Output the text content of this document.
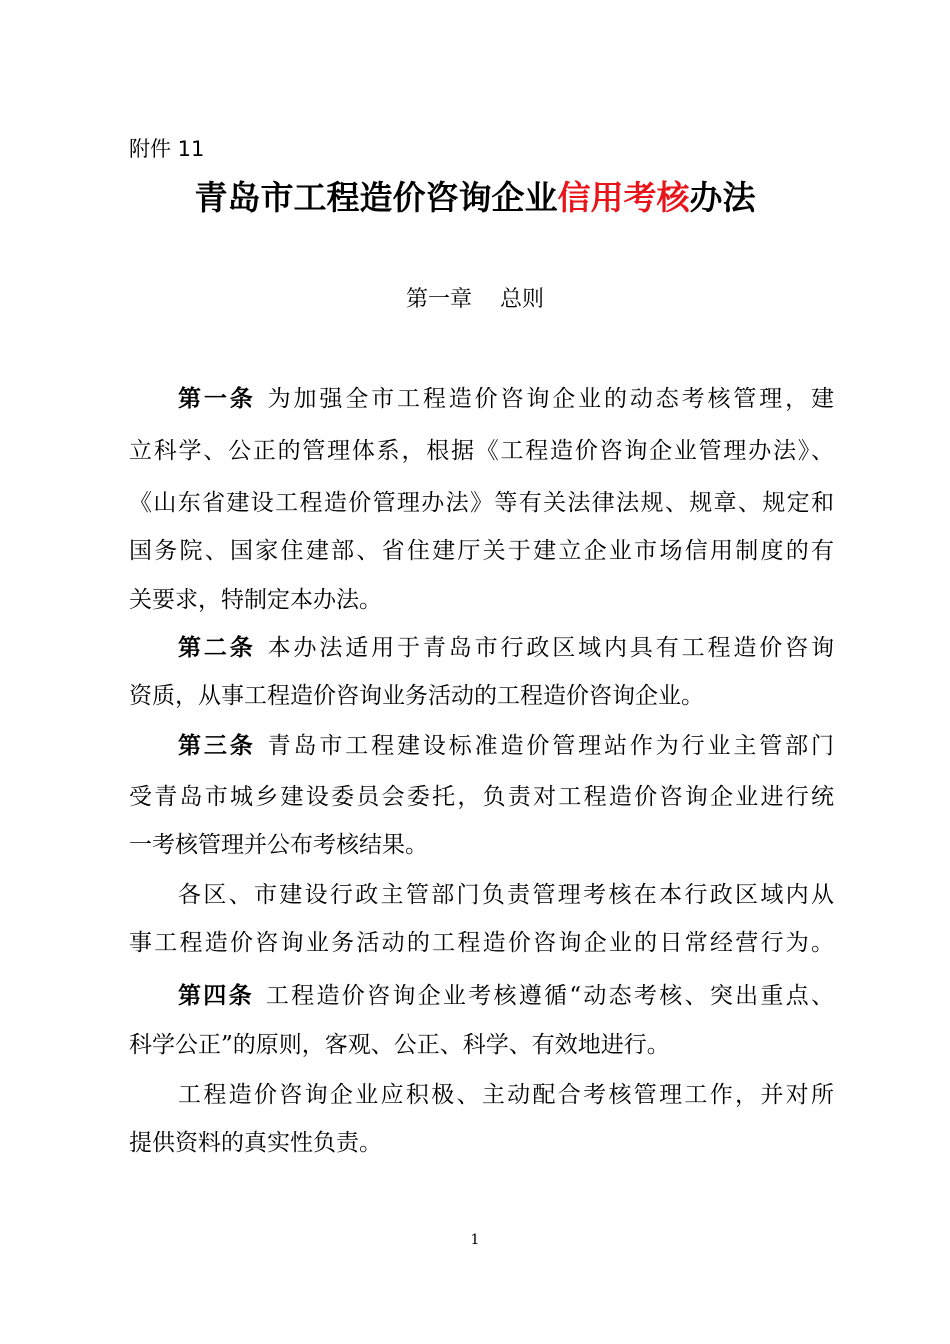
附件 11
青岛市工程造价咨询企业信用考核办法
第一章    总则
第一条 为加强全市工程造价咨询企业的动态考核管理，建
立科学、公正的管理体系，根据《工程造价咨询企业管理办法》、
《山东省建设工程造价管理办法》等有关法律法规、规章、规定和
国务院、国家住建部、省住建厅关于建立企业市场信用制度的有
关要求，特制定本办法。
第二条 本办法适用于青岛市行政区域内具有工程造价咨询
资质，从事工程造价咨询业务活动的工程造价咨询企业。
第三条 青岛市工程建设标准造价管理站作为行业主管部门
受青岛市城乡建设委员会委托，负责对工程造价咨询企业进行统
一考核管理并公布考核结果。
各区、市建设行政主管部门负责管理考核在本行政区域内从
事工程造价咨询业务活动的工程造价咨询企业的日常经营行为。
第四条 工程造价咨询企业考核遵循“动态考核、突出重点、
科学公正”的原则，客观、公正、科学、有效地进行。
工程造价咨询企业应积极、主动配合考核管理工作，并对所
提供资料的真实性负责。
1
